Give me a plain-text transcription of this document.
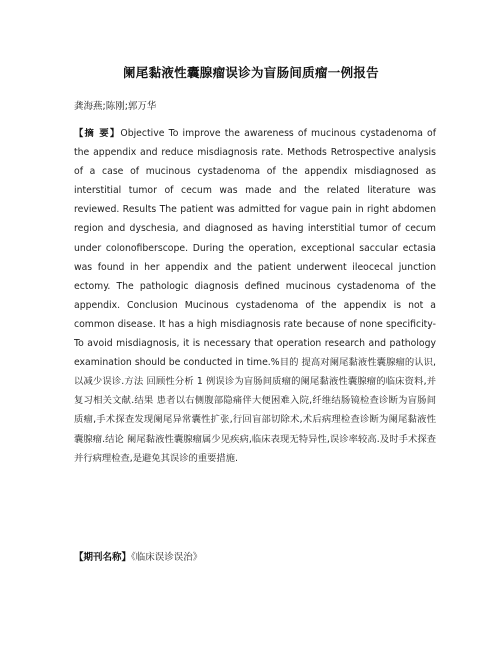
阑尾黏液性囊腺瘤误诊为盲肠间质瘤一例报告
龚海燕;陈刚;郭万华
【摘 要】Objective To improve the awareness of mucinous cystadenoma of the appendix and reduce misdiagnosis rate. Methods Retrospective analysis of a case of mucinous cystadenoma of the appendix misdiagnosed as interstitial tumor of cecum was made and the related literature was reviewed. Results The patient was admitted for vague pain in right abdomen region and dyschesia, and diagnosed as having interstitial tumor of cecum under colonofiberscope. During the operation, exceptional saccular ectasia was found in her appendix and the patient underwent ileocecal junction ectomy. The pathologic diagnosis defined mucinous cystadenoma of the appendix. Conclusion Mucinous cystadenoma of the appendix is not a common disease. It has a high misdiagnosis rate because of none specificity- To avoid misdiagnosis, it is necessary that operation research and pathology examination should be conducted in time.%目的 提高对阑尾黏液性囊腺瘤的认识,以减少误诊.方法 回顾性分析 1 例误诊为盲肠间质瘤的阑尾黏液性囊腺瘤的临床资料,并复习相关文献.结果 患者以右侧腹部隐痛伴大便困难入院,纤维结肠镜检查诊断为盲肠间质瘤,手术探查发现阑尾异常囊性扩张,行回盲部切除术,术后病理检查诊断为阑尾黏液性囊腺瘤.结论 阑尾黏液性囊腺瘤属少见疾病,临床表现无特异性,误诊率较高.及时手术探查并行病理检查,是避免其误诊的重要措施.
【期刊名称】《临床误诊误治》
